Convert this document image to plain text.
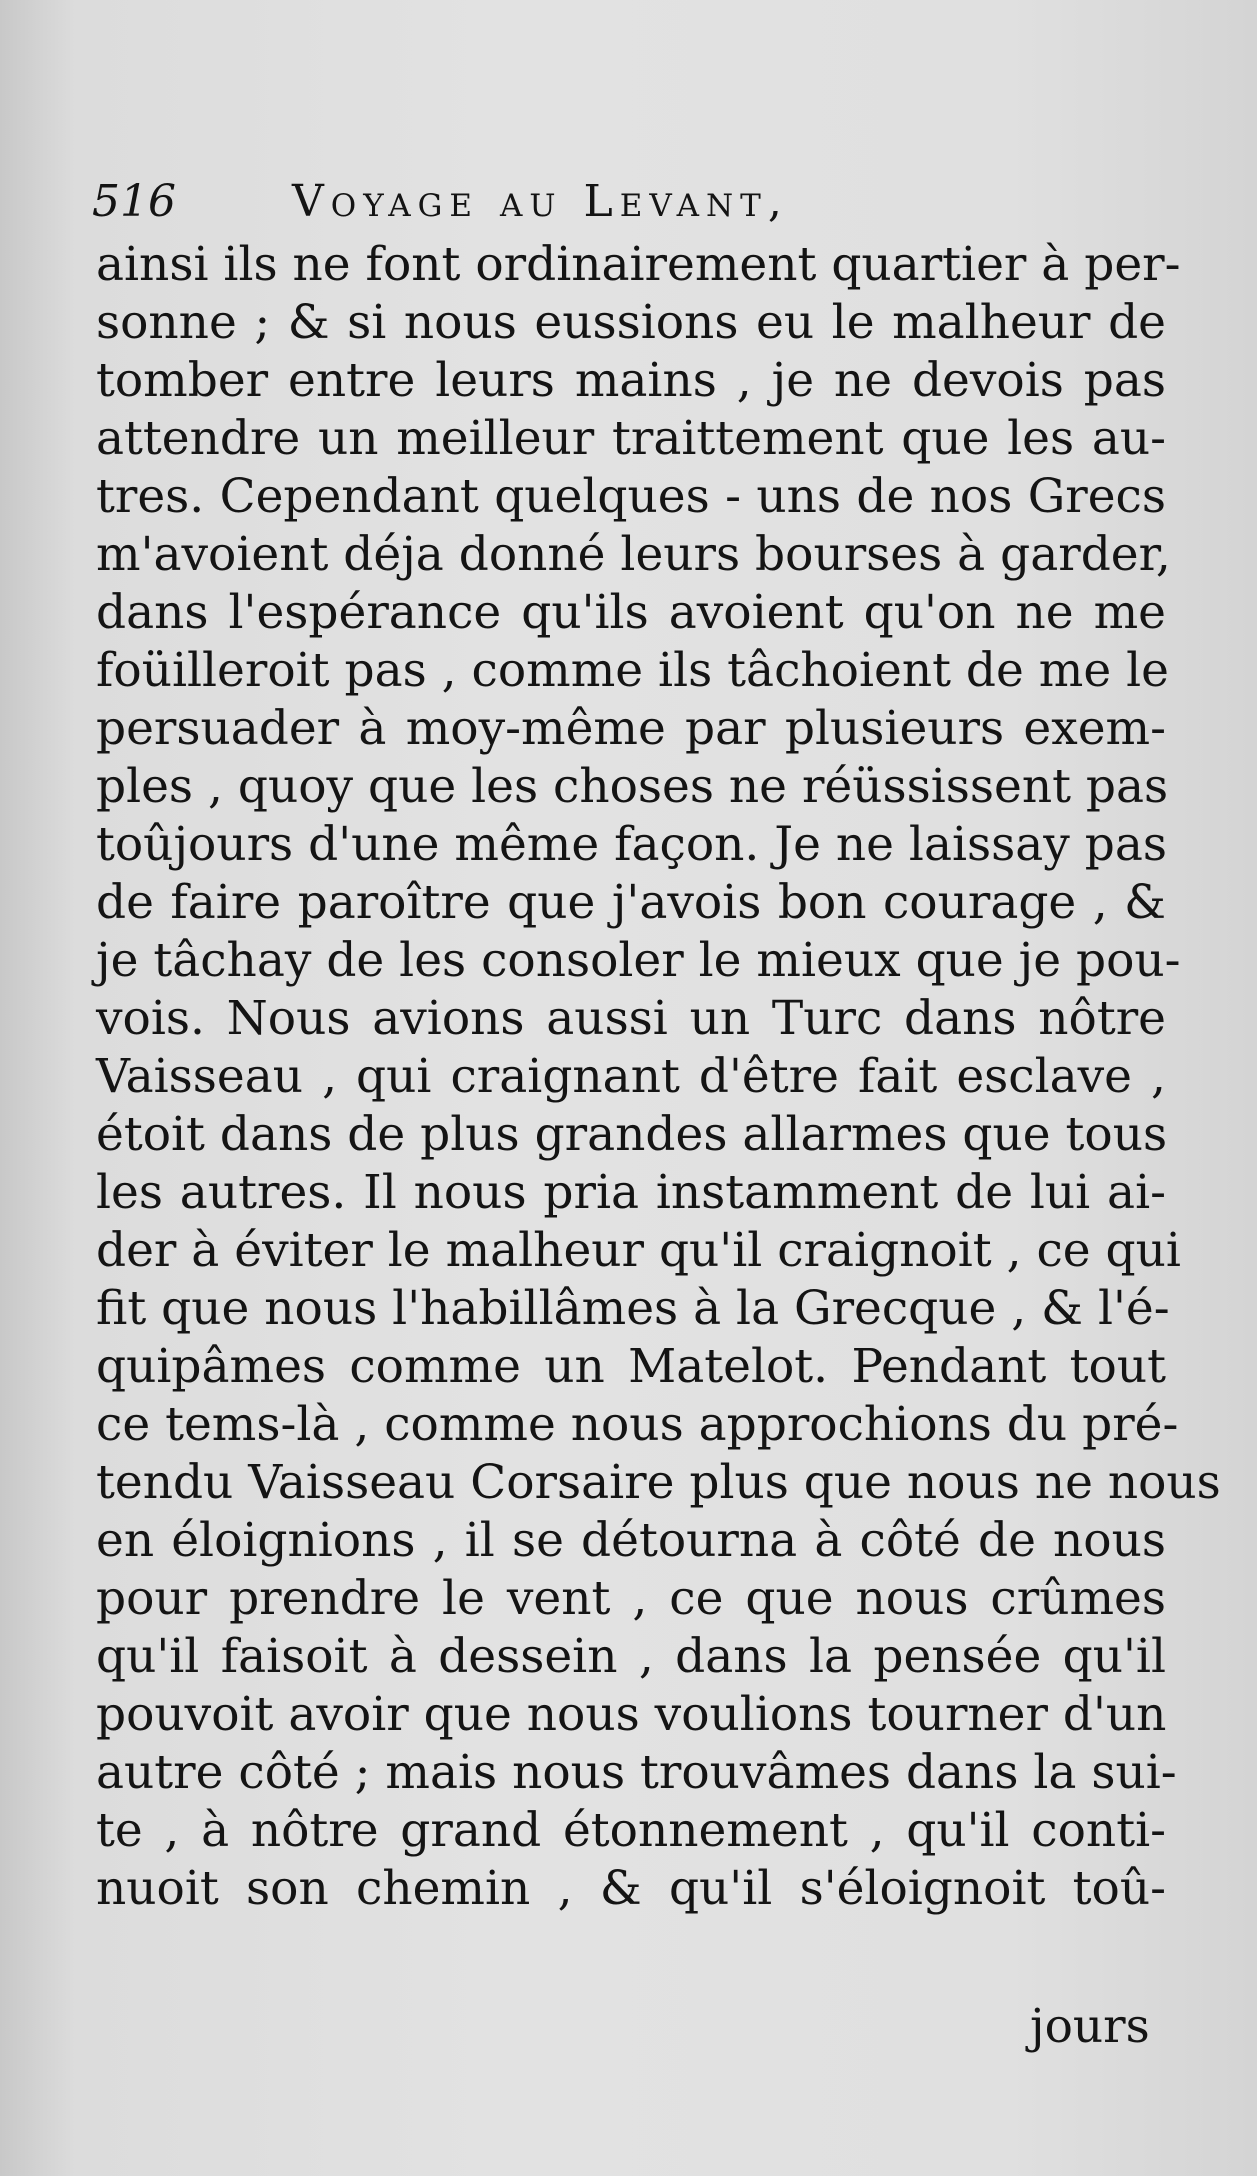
516	Voyage au Levant,

ainsi ils ne font ordinairement quartier à per-

sonne ; & si nous eussions eu le malheur de

tomber entre leurs mains , je ne devois pas

attendre un meilleur traittement que les au-

tres. Cependant quelques - uns de nos Grecs

m'avoient déja donné leurs bourses à garder,

dans l'espérance qu'ils avoient qu'on ne me

foüilleroit pas , comme ils tâchoient de me le

persuader à moy-même par plusieurs exem-

ples , quoy que les choses ne réüssissent pas

toûjours d'une même façon. Je ne laissay pas

de faire paroître que j'avois bon courage , &

je tâchay de les consoler le mieux que je pou-

vois. Nous avions aussi un Turc dans nôtre

Vaisseau , qui craignant d'être fait esclave ,

étoit dans de plus grandes allarmes que tous

les autres. Il nous pria instamment de lui ai-

der à éviter le malheur qu'il craignoit , ce qui

fit que nous l'habillâmes à la Grecque , & l'é-

quipâmes comme un Matelot. Pendant tout

ce tems-là , comme nous approchions du pré-

tendu Vaisseau Corsaire plus que nous ne nous

en éloignions , il se détourna à côté de nous

pour prendre le vent , ce que nous crûmes

qu'il faisoit à dessein , dans la pensée qu'il

pouvoit avoir que nous voulions tourner d'un

autre côté ; mais nous trouvâmes dans la sui-

te , à nôtre grand étonnement , qu'il conti-

nuoit son chemin , & qu'il s'éloignoit toû-

jours
